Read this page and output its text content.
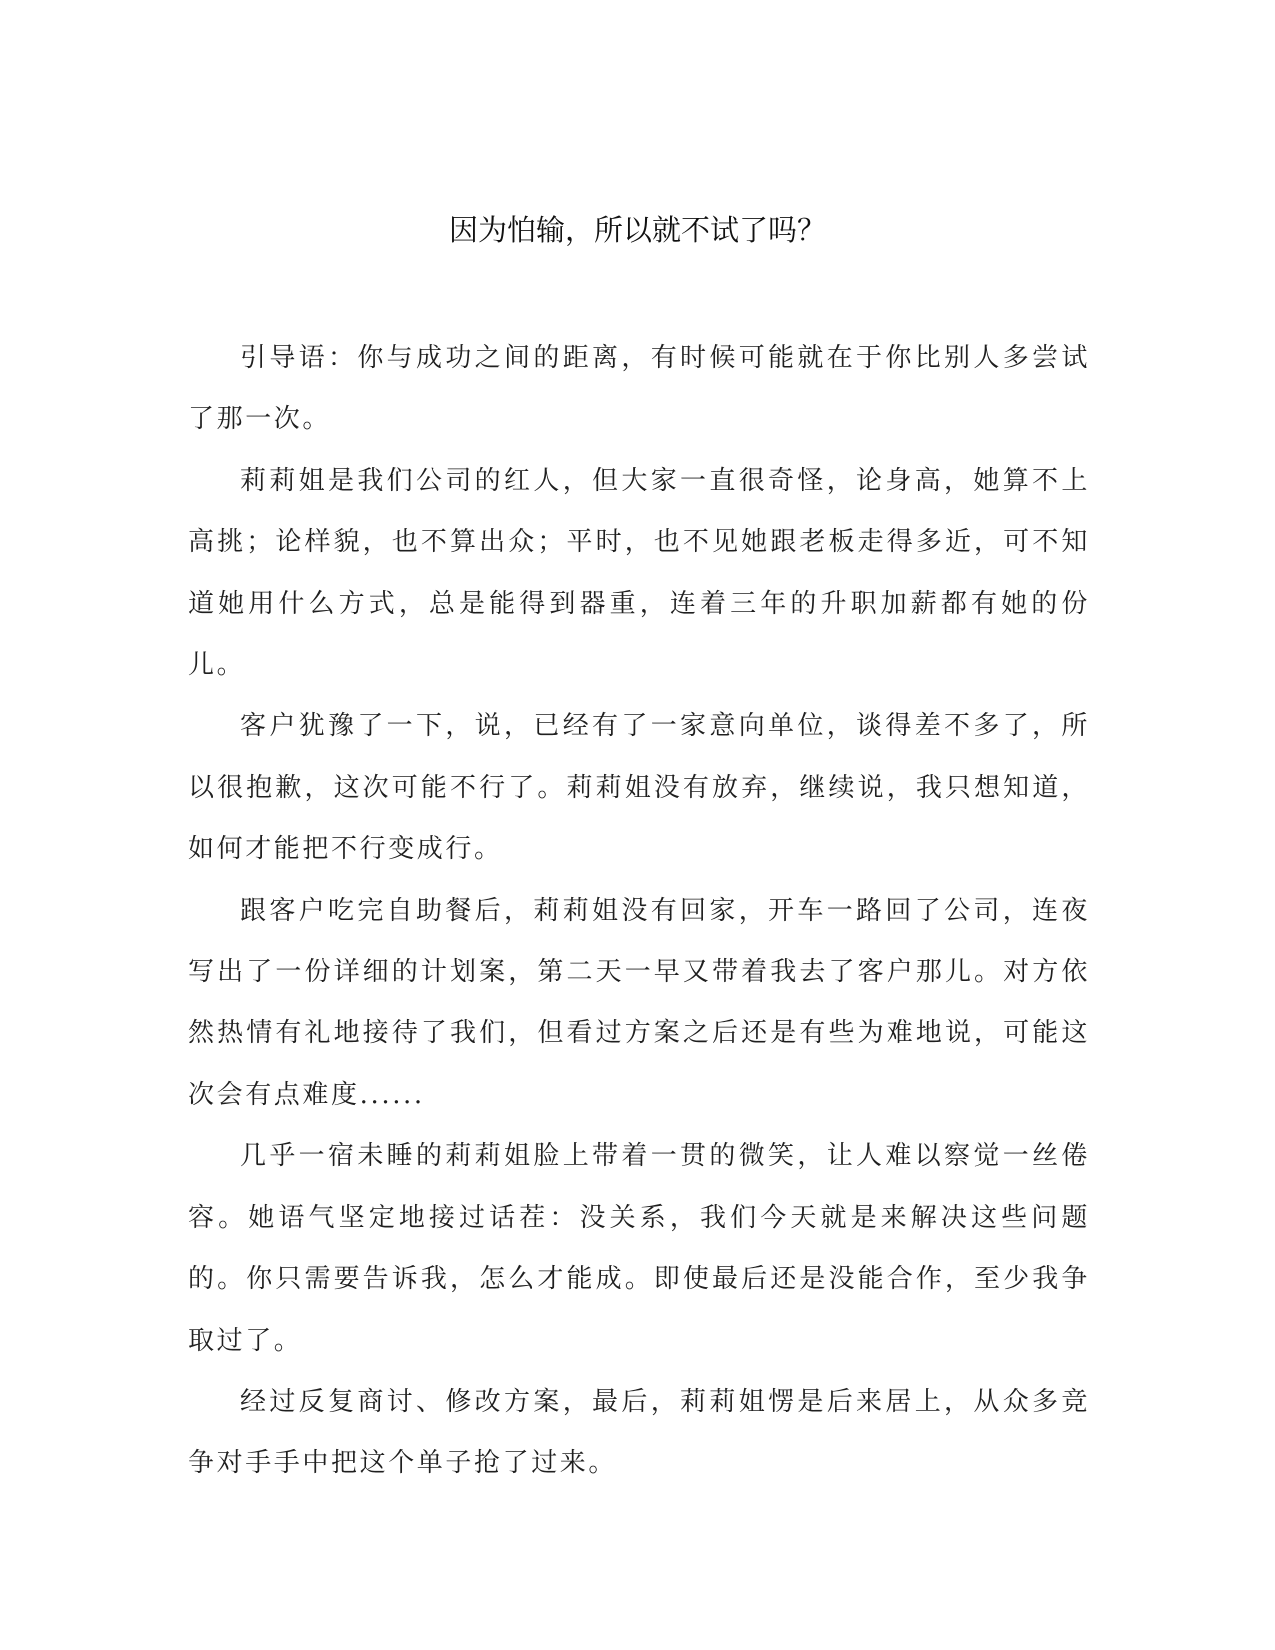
因为怕输，所以就不试了吗？

引导语：你与成功之间的距离，有时候可能就在于你比别人多尝试了那一次。

莉莉姐是我们公司的红人，但大家一直很奇怪，论身高，她算不上高挑；论样貌，也不算出众；平时，也不见她跟老板走得多近，可不知道她用什么方式，总是能得到器重，连着三年的升职加薪都有她的份儿。

客户犹豫了一下，说，已经有了一家意向单位，谈得差不多了，所以很抱歉，这次可能不行了。莉莉姐没有放弃，继续说，我只想知道，如何才能把不行变成行。

跟客户吃完自助餐后，莉莉姐没有回家，开车一路回了公司，连夜写出了一份详细的计划案，第二天一早又带着我去了客户那儿。对方依然热情有礼地接待了我们，但看过方案之后还是有些为难地说，可能这次会有点难度......

几乎一宿未睡的莉莉姐脸上带着一贯的微笑，让人难以察觉一丝倦容。她语气坚定地接过话茬：没关系，我们今天就是来解决这些问题的。你只需要告诉我，怎么才能成。即使最后还是没能合作，至少我争取过了。

经过反复商讨、修改方案，最后，莉莉姐愣是后来居上，从众多竞争对手手中把这个单子抢了过来。
